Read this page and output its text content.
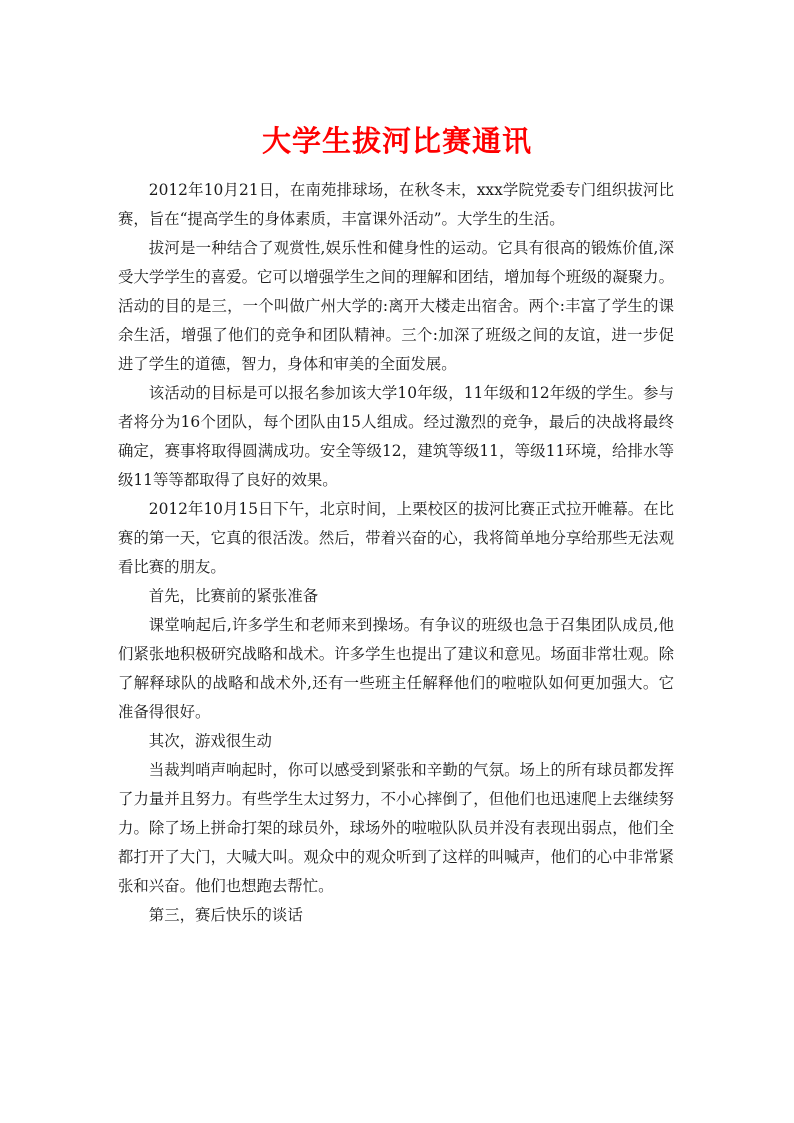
大学生拔河比赛通讯

2012年10月21日，在南苑排球场，在秋冬末，xxx学院党委专门组织拔河比赛，旨在“提高学生的身体素质，丰富课外活动”。大学生的生活。

拔河是一种结合了观赏性,娱乐性和健身性的运动。它具有很高的锻炼价值,深受大学学生的喜爱。它可以增强学生之间的理解和团结，增加每个班级的凝聚力。活动的目的是三，一个叫做广州大学的:离开大楼走出宿舍。两个:丰富了学生的课余生活，增强了他们的竞争和团队精神。三个:加深了班级之间的友谊，进一步促进了学生的道德，智力，身体和审美的全面发展。

该活动的目标是可以报名参加该大学10年级，11年级和12年级的学生。参与者将分为16个团队，每个团队由15人组成。经过激烈的竞争，最后的决战将最终确定，赛事将取得圆满成功。安全等级12，建筑等级11，等级11环境，给排水等级11等等都取得了良好的效果。

2012年10月15日下午，北京时间，上栗校区的拔河比赛正式拉开帷幕。在比赛的第一天，它真的很活泼。然后，带着兴奋的心，我将简单地分享给那些无法观看比赛的朋友。

首先，比赛前的紧张准备

课堂响起后,许多学生和老师来到操场。有争议的班级也急于召集团队成员,他们紧张地积极研究战略和战术。许多学生也提出了建议和意见。场面非常壮观。除了解释球队的战略和战术外,还有一些班主任解释他们的啦啦队如何更加强大。它准备得很好。

其次，游戏很生动

当裁判哨声响起时，你可以感受到紧张和辛勤的气氛。场上的所有球员都发挥了力量并且努力。有些学生太过努力，不小心摔倒了，但他们也迅速爬上去继续努力。除了场上拼命打架的球员外，球场外的啦啦队队员并没有表现出弱点，他们全都打开了大门，大喊大叫。观众中的观众听到了这样的叫喊声，他们的心中非常紧张和兴奋。他们也想跑去帮忙。

第三，赛后快乐的谈话
